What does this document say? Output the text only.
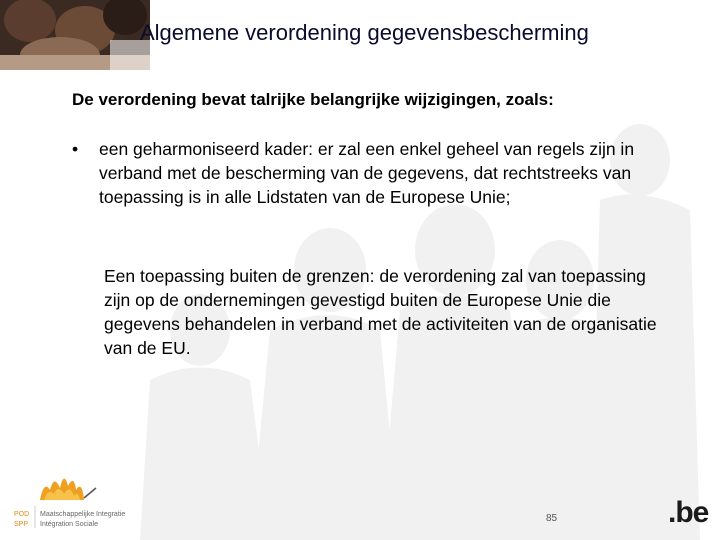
Algemene verordening gegevensbescherming
De verordening bevat talrijke belangrijke wijzigingen, zoals:
• een geharmoniseerd kader: er zal een enkel geheel van regels zijn in verband met de bescherming van de gegevens, dat rechtstreeks van toepassing is in alle Lidstaten van de Europese Unie;
Een toepassing buiten de grenzen: de verordening zal van toepassing zijn op de ondernemingen gevestigd buiten de Europese Unie die gegevens behandelen in verband met de activiteiten van de organisatie van de EU.
POD
SPP
Maatschappelijke Integratie
Intégration Sociale
85	.be
